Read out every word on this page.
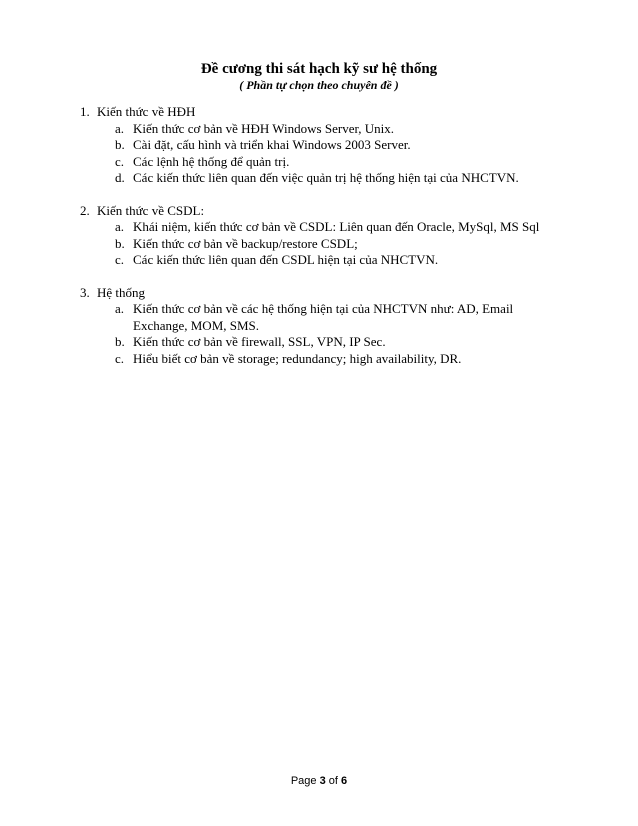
Đề cương thi sát hạch kỹ sư hệ thống
( Phần tự chọn theo chuyên đề )
1. Kiến thức về HĐH
a. Kiến thức cơ bản về HĐH Windows Server, Unix.
b. Cài đặt, cấu hình và triển khai Windows 2003 Server.
c. Các lệnh hệ thống để quản trị.
d. Các kiến thức liên quan đến việc quản trị hệ thống hiện tại của NHCTVN.
2. Kiến thức về CSDL:
a. Khái niệm, kiến thức cơ bản về CSDL: Liên quan đến Oracle, MySql, MS Sql
b. Kiến thức cơ bản về backup/restore CSDL;
c. Các kiến thức liên quan đến CSDL hiện tại của NHCTVN.
3. Hệ thống
a. Kiến thức cơ bản về các hệ thống hiện tại của NHCTVN như: AD, Email Exchange, MOM, SMS.
b. Kiến thức cơ bản về firewall, SSL, VPN, IP Sec.
c. Hiểu biết cơ bản về storage; redundancy; high availability, DR.
Page 3 of 6
